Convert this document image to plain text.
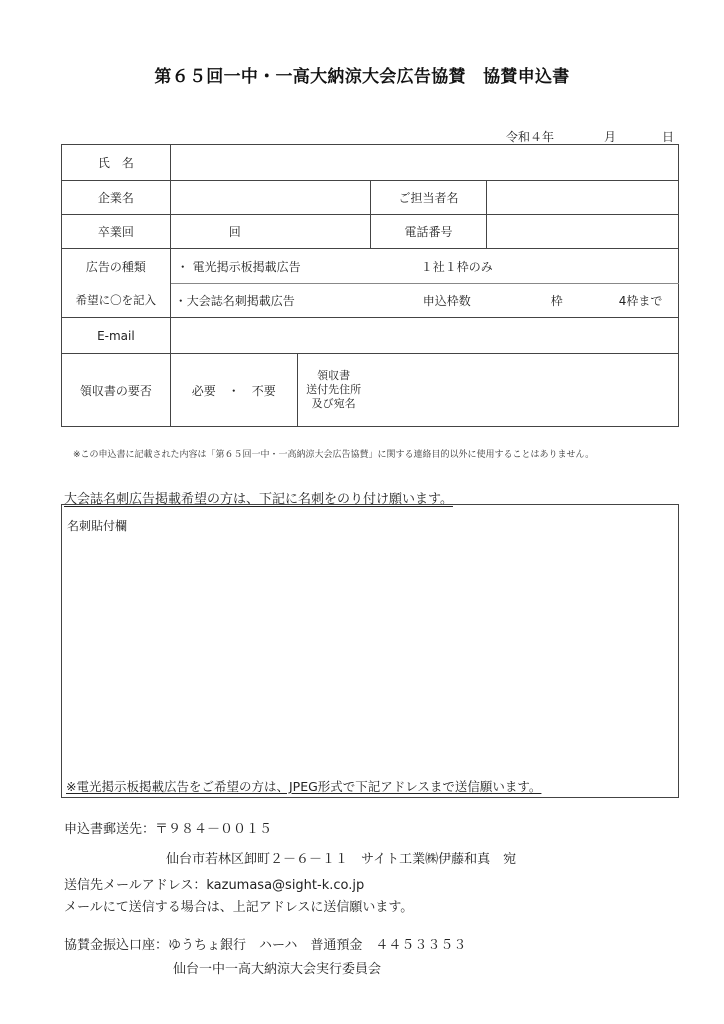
第６５回一中・一高大納涼大会広告協賛　協賛申込書
令和４年	月	日
氏　名				
企業名			ご担当者名	
卒業回	回		電話番号	
広告の種類	・ 電光掲示板掲載広告 １社１枠のみ			
希望に〇を記入	・大会誌名刺掲載広告 申込枠数 枠 4枠まで			
E-mail				
領収書の要否	必要　・　不要	領収書
送付先住所
及び宛名		
※この申込書に記載された内容は「第６５回一中・一高納涼大会広告協賛」に関する連絡目的以外に使用することはありません。
大会誌名刺広告掲載希望の方は、下記に名刺をのり付け願います。
名刺貼付欄
※電光掲示板掲載広告をご希望の方は、JPEG形式で下記アドレスまで送信願います。
申込書郵送先：〒９８４－００１５
仙台市若林区卸町２－６－１１　サイト工業㈱伊藤和真　宛
送信先メールアドレス：kazumasa@sight-k.co.jp
メールにて送信する場合は、上記アドレスに送信願います。
協賛金振込口座：ゆうちょ銀行　ハーハ　普通預金　４４５３３５３
仙台一中一高大納涼大会実行委員会
